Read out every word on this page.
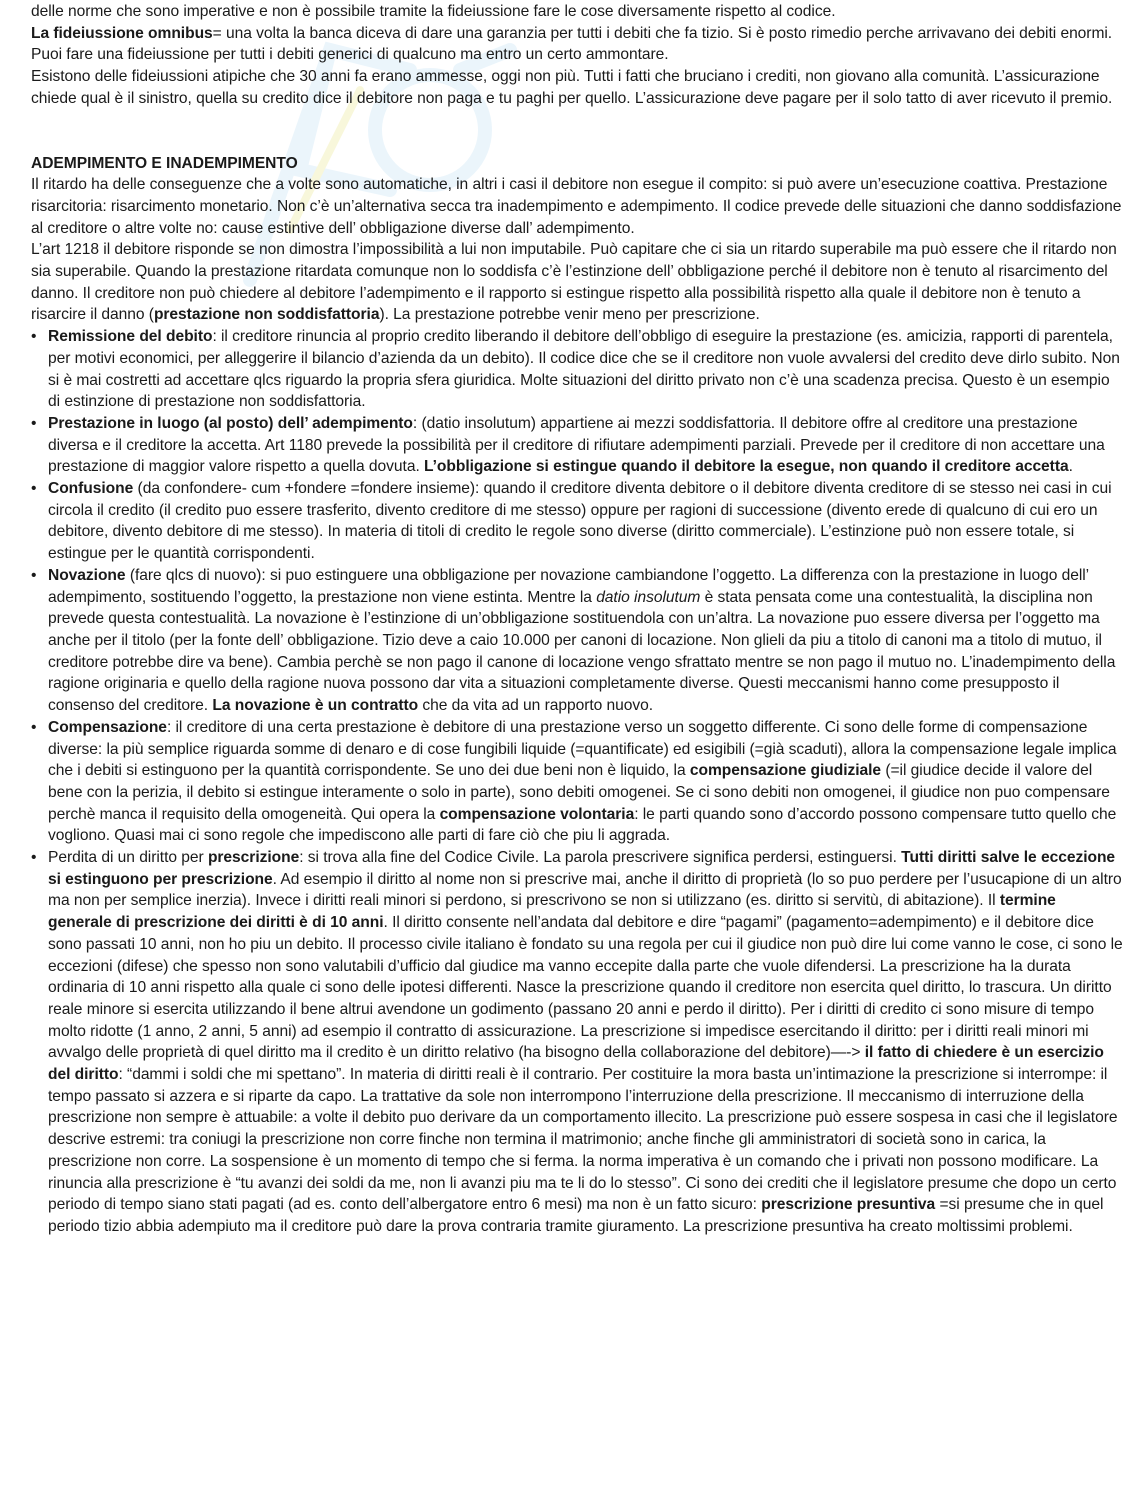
delle norme che sono imperative e non è possibile tramite la fideiussione fare le cose diversamente rispetto al codice.

La fideiussione omnibus= una volta la banca diceva di dare una garanzia per tutti i debiti che fa tizio. Si è posto rimedio perche arrivavano dei debiti enormi. Puoi fare una fideiussione per tutti i debiti generici di qualcuno ma entro un certo ammontare.

Esistono delle fideiussioni atipiche che 30 anni fa erano ammesse, oggi non più. Tutti i fatti che bruciano i crediti, non giovano alla comunità. L’assicurazione chiede qual è il sinistro, quella su credito dice il debitore non paga e tu paghi per quello. L’assicurazione deve pagare per il solo tatto di aver ricevuto il premio.

ADEMPIMENTO E INADEMPIMENTO

Il ritardo ha delle conseguenze che a volte sono automatiche, in altri i casi il debitore non esegue il compito: si può avere un’esecuzione coattiva. Prestazione risarcitoria: risarcimento monetario. Non c’è un’alternativa secca tra inadempimento e adempimento. Il codice prevede delle situazioni che danno soddisfazione al creditore o altre volte no: cause estintive dell’ obbligazione diverse dall’ adempimento.

L’art 1218 il debitore risponde se non dimostra l’impossibilità a lui non imputabile. Può capitare che ci sia un ritardo superabile ma può essere che il ritardo non sia superabile. Quando la prestazione ritardata comunque non lo soddisfa c’è l’estinzione dell’ obbligazione perché il debitore non è tenuto al risarcimento del danno. Il creditore non può chiedere al debitore l’adempimento e il rapporto si estingue rispetto alla possibilità rispetto alla quale il debitore non è tenuto a risarcire il danno (prestazione non soddisfattoria). La prestazione potrebbe venir meno per prescrizione.

• Remissione del debito: il creditore rinuncia al proprio credito liberando il debitore dell’obbligo di eseguire la prestazione (es. amicizia, rapporti di parentela, per motivi economici, per alleggerire il bilancio d’azienda da un debito). Il codice dice che se il creditore non vuole avvalersi del credito deve dirlo subito. Non si è mai costretti ad accettare qlcs riguardo la propria sfera giuridica. Molte situazioni del diritto privato non c’è una scadenza precisa. Questo è un esempio di estinzione di prestazione non soddisfattoria.
• Prestazione in luogo (al posto) dell’ adempimento: (datio insolutum) appartiene ai mezzi soddisfattoria. Il debitore offre al creditore una prestazione diversa e il creditore la accetta. Art 1180 prevede la possibilità per il creditore di rifiutare adempimenti parziali. Prevede per il creditore di non accettare una prestazione di maggior valore rispetto a quella dovuta. L’obbligazione si estingue quando il debitore la esegue, non quando il creditore accetta.
• Confusione (da confondere- cum +fondere =fondere insieme): quando il creditore diventa debitore o il debitore diventa creditore di se stesso nei casi in cui circola il credito (il credito puo essere trasferito, divento creditore di me stesso) oppure per ragioni di successione (divento erede di qualcuno di cui ero un debitore, divento debitore di me stesso). In materia di titoli di credito le regole sono diverse (diritto commerciale). L’estinzione può non essere totale, si estingue per le quantità corrispondenti.
• Novazione (fare qlcs di nuovo): si puo estinguere una obbligazione per novazione cambiandone l’oggetto. La differenza con la prestazione in luogo dell’ adempimento, sostituendo l’oggetto, la prestazione non viene estinta. Mentre la datio insolutum è stata pensata come una contestualità, la disciplina non prevede questa contestualità. La novazione è l’estinzione di un’obbligazione sostituendola con un’altra. La novazione puo essere diversa per l’oggetto ma anche per il titolo (per la fonte dell’ obbligazione. Tizio deve a caio 10.000 per canoni di locazione. Non glieli da piu a titolo di canoni ma a titolo di mutuo, il creditore potrebbe dire va bene). Cambia perchè se non pago il canone di locazione vengo sfrattato mentre se non pago il mutuo no. L’inadempimento della ragione originaria e quello della ragione nuova possono dar vita a situazioni completamente diverse. Questi meccanismi hanno come presupposto il consenso del creditore. La novazione è un contratto che da vita ad un rapporto nuovo.
• Compensazione: il creditore di una certa prestazione è debitore di una prestazione verso un soggetto differente. Ci sono delle forme di compensazione diverse: la più semplice riguarda somme di denaro e di cose fungibili liquide (=quantificate) ed esigibili (=già scaduti), allora la compensazione legale implica che i debiti si estinguono per la quantità corrispondente. Se uno dei due beni non è liquido, la compensazione giudiziale (=il giudice decide il valore del bene con la perizia, il debito si estingue interamente o solo in parte), sono debiti omogenei. Se ci sono debiti non omogenei, il giudice non puo compensare perchè manca il requisito della omogeneità. Qui opera la compensazione volontaria: le parti quando sono d’accordo possono compensare tutto quello che vogliono. Quasi mai ci sono regole che impediscono alle parti di fare ciò che piu li aggrada.
• Perdita di un diritto per prescrizione: si trova alla fine del Codice Civile. La parola prescrivere significa perdersi, estinguersi. Tutti diritti salve le eccezione si estinguono per prescrizione. Ad esempio il diritto al nome non si prescrive mai, anche il diritto di proprietà (lo so puo perdere per l’usucapione di un altro ma non per semplice inerzia). Invece i diritti reali minori si perdono, si prescrivono se non si utilizzano (es. diritto si servitù, di abitazione). Il termine generale di prescrizione dei diritti è di 10 anni. Il diritto consente nell’andata dal debitore e dire “pagami” (pagamento=adempimento) e il debitore dice sono passati 10 anni, non ho piu un debito. Il processo civile italiano è fondato su una regola per cui il giudice non può dire lui come vanno le cose, ci sono le eccezioni (difese) che spesso non sono valutabili d’ufficio dal giudice ma vanno eccepite dalla parte che vuole difendersi. La prescrizione ha la durata ordinaria di 10 anni rispetto alla quale ci sono delle ipotesi differenti. Nasce la prescrizione quando il creditore non esercita quel diritto, lo trascura. Un diritto reale minore si esercita utilizzando il bene altrui avendone un godimento (passano 20 anni e perdo il diritto). Per i diritti di credito ci sono misure di tempo molto ridotte (1 anno, 2 anni, 5 anni) ad esempio il contratto di assicurazione. La prescrizione si impedisce esercitando il diritto: per i diritti reali minori mi avvalgo delle proprietà di quel diritto ma il credito è un diritto relativo (ha bisogno della collaborazione del debitore)—-> il fatto di chiedere è un esercizio del diritto: “dammi i soldi che mi spettano”. In materia di diritti reali è il contrario. Per costituire la mora basta un’intimazione la prescrizione si interrompe: il tempo passato si azzera e si riparte da capo. La trattative da sole non interrompono l’interruzione della prescrizione. Il meccanismo di interruzione della prescrizione non sempre è attuabile: a volte il debito puo derivare da un comportamento illecito. La prescrizione può essere sospesa in casi che il legislatore descrive estremi: tra coniugi la prescrizione non corre finche non termina il matrimonio; anche finche gli amministratori di società sono in carica, la prescrizione non corre. La sospensione è un momento di tempo che si ferma. la norma imperativa è un comando che i privati non possono modificare. La rinuncia alla prescrizione è “tu avanzi dei soldi da me, non li avanzi piu ma te li do lo stesso”. Ci sono dei crediti che il legislatore presume che dopo un certo periodo di tempo siano stati pagati (ad es. conto dell’albergatore entro 6 mesi) ma non è un fatto sicuro: prescrizione presuntiva =si presume che in quel periodo tizio abbia adempiuto ma il creditore può dare la prova contraria tramite giuramento. La prescrizione presuntiva ha creato moltissimi problemi.
